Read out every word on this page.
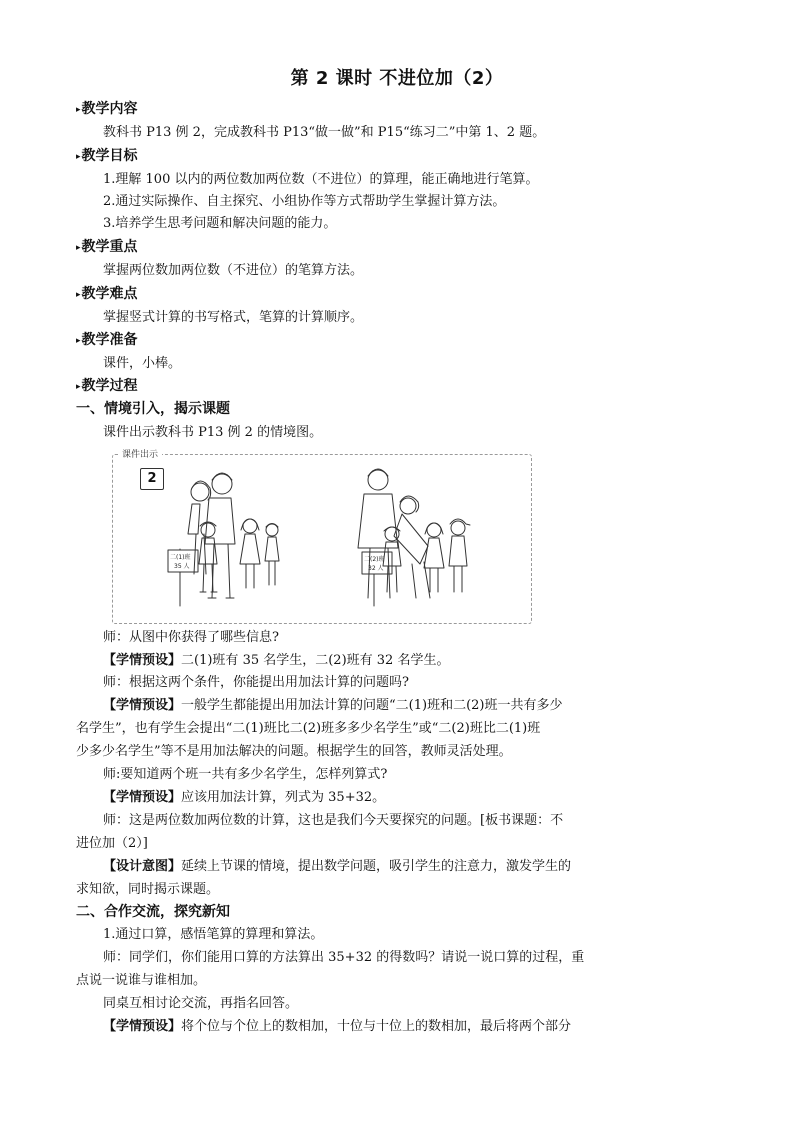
第 2 课时 不进位加（2）
▸教学内容
教科书 P13 例 2，完成教科书 P13“做一做”和 P15“练习二”中第 1、2 题。
▸教学目标
1.理解 100 以内的两位数加两位数（不进位）的算理，能正确地进行笔算。
2.通过实际操作、自主探究、小组协作等方式帮助学生掌握计算方法。
3.培养学生思考问题和解决问题的能力。
▸教学重点
掌握两位数加两位数（不进位）的笔算方法。
▸教学难点
掌握竖式计算的书写格式，笔算的计算顺序。
▸教学准备
课件，小棒。
▸教学过程
一、情境引入，揭示课题
课件出示教科书 P13 例 2 的情境图。
课件出示
2
二(1)班
35 人
二(2)班
32 人
师：从图中你获得了哪些信息?
【学情预设】二(1)班有 35 名学生，二(2)班有 32 名学生。
师：根据这两个条件，你能提出用加法计算的问题吗?
【学情预设】一般学生都能提出用加法计算的问题“二(1)班和二(2)班一共有多少
名学生”，也有学生会提出“二(1)班比二(2)班多多少名学生”或“二(2)班比二(1)班
少多少名学生”等不是用加法解决的问题。根据学生的回答，教师灵活处理。
师:要知道两个班一共有多少名学生，怎样列算式?
【学情预设】应该用加法计算，列式为 35+32。
师：这是两位数加两位数的计算，这也是我们今天要探究的问题。[板书课题：不
进位加（2）]
【设计意图】延续上节课的情境，提出数学问题，吸引学生的注意力，激发学生的
求知欲，同时揭示课题。
二、合作交流，探究新知
1.通过口算，感悟笔算的算理和算法。
师：同学们，你们能用口算的方法算出 35+32 的得数吗？请说一说口算的过程，重
点说一说谁与谁相加。
同桌互相讨论交流，再指名回答。
【学情预设】将个位与个位上的数相加，十位与十位上的数相加，最后将两个部分
